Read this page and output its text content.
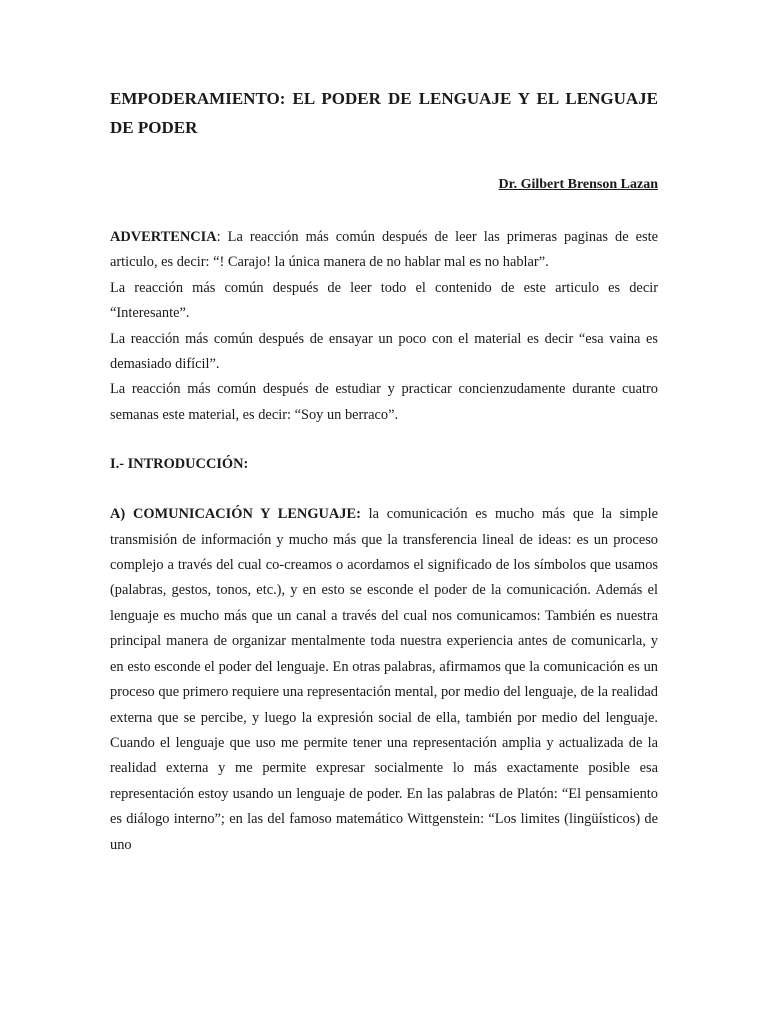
EMPODERAMIENTO: EL PODER DE LENGUAJE Y EL LENGUAJE DE PODER
Dr. Gilbert Brenson Lazan

ADVERTENCIA: La reacción más común después de leer las primeras paginas de este articulo, es decir: “! Carajo! la única manera de no hablar mal es no hablar”.

La reacción más común después de leer todo el contenido de este articulo es decir “Interesante”.

La reacción más común después de ensayar un poco con el material es decir “esa vaina es demasiado difícil”.

La reacción más común después de estudiar y practicar concienzudamente durante cuatro semanas este material, es decir: “Soy un berraco”.

I.- INTRODUCCIÓN:

A) COMUNICACIÓN Y LENGUAJE: la comunicación es mucho más que la simple transmisión de información y mucho más que la transferencia lineal de ideas: es un proceso complejo a través del cual co-creamos o acordamos el significado de los símbolos que usamos (palabras, gestos, tonos, etc.), y en esto se esconde el poder de la comunicación. Además el lenguaje es mucho más que un canal a través del cual nos comunicamos: También es nuestra principal manera de organizar mentalmente toda nuestra experiencia antes de comunicarla, y en esto esconde el poder del lenguaje. En otras palabras, afirmamos que la comunicación es un proceso que primero requiere una representación mental, por medio del lenguaje, de la realidad externa que se percibe, y luego la expresión social de ella, también por medio del lenguaje. Cuando el lenguaje que uso me permite tener una representación amplia y actualizada de la realidad externa y me permite expresar socialmente lo más exactamente posible esa representación estoy usando un lenguaje de poder. En las palabras de Platón: “El pensamiento es diálogo interno”; en las del famoso matemático Wittgenstein: “Los limites (lingüísticos) de uno
